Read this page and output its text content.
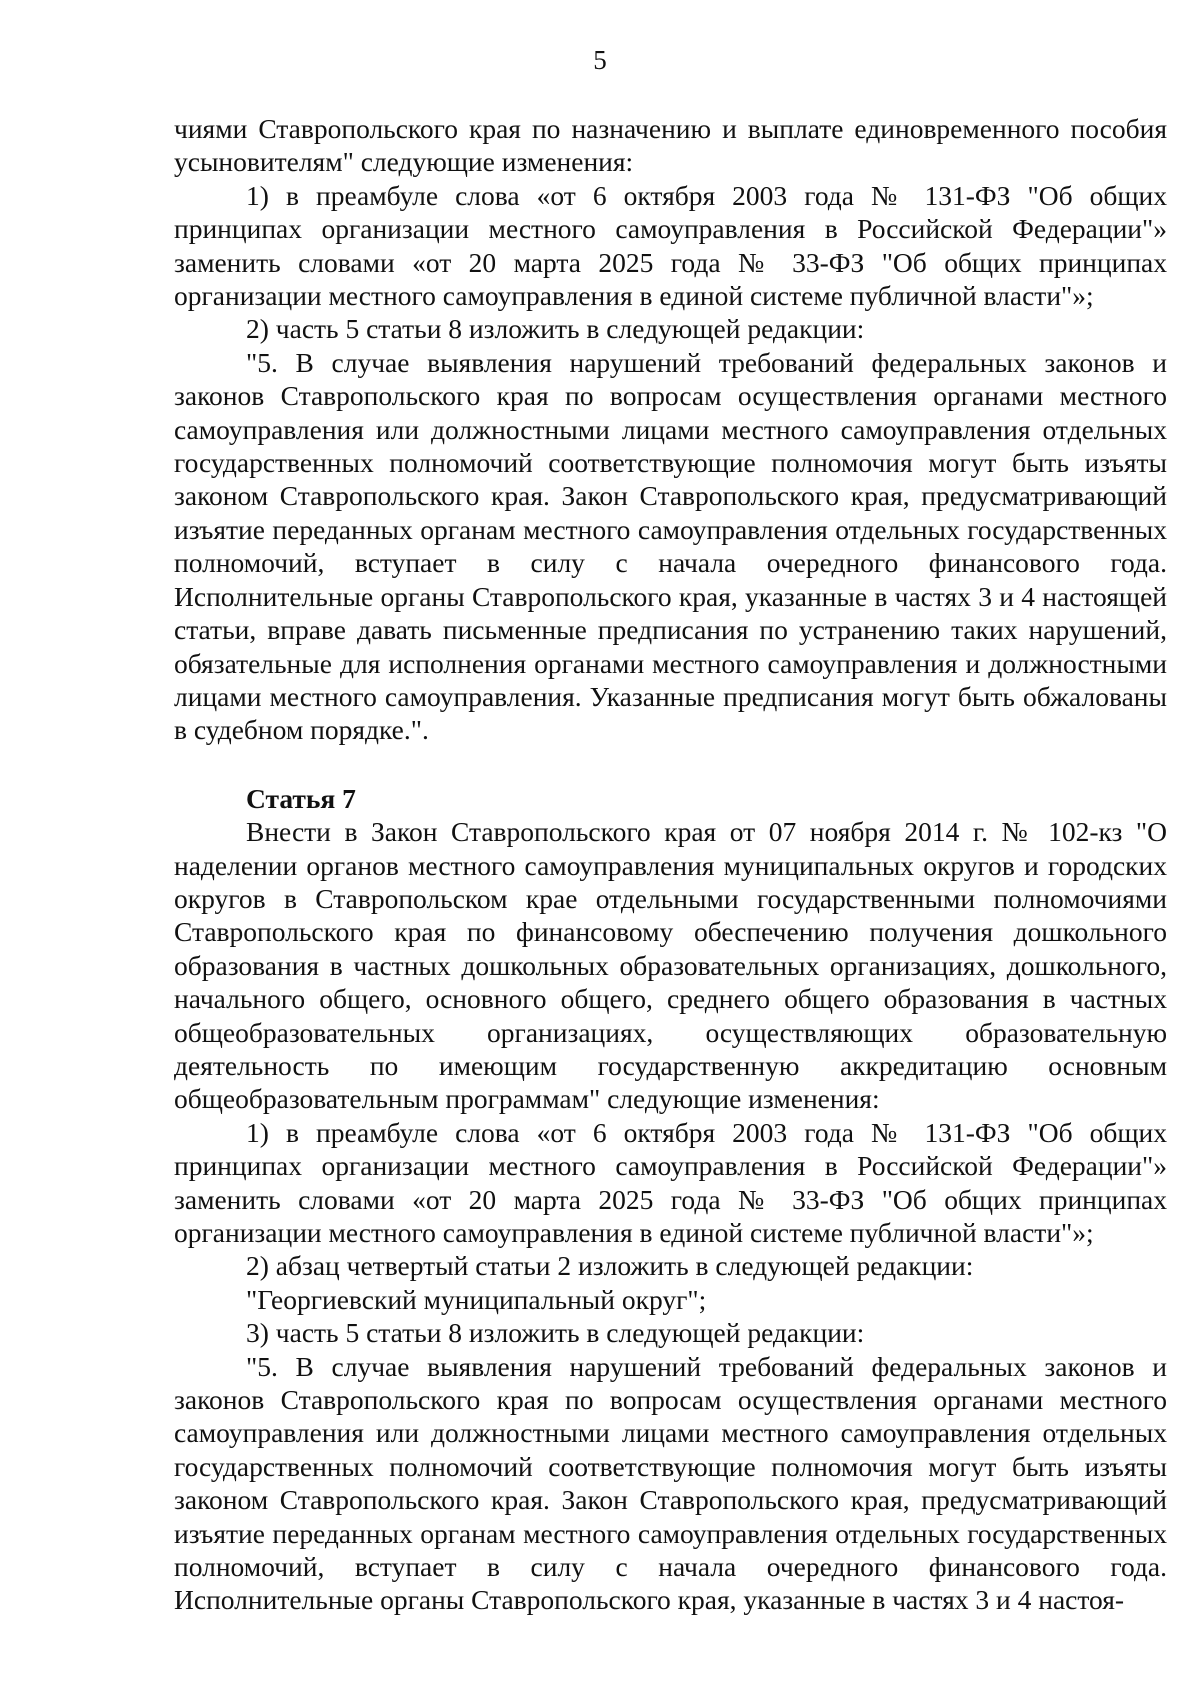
5

чиями Ставропольского края по назначению и выплате единовременного пособия усыновителям" следующие изменения:

1) в преамбуле слова «от 6 октября 2003 года № 131-ФЗ "Об общих принципах организации местного самоуправления в Российской Федерации"» заменить словами «от 20 марта 2025 года № 33-ФЗ "Об общих принципах организации местного самоуправления в единой системе публичной власти"»;

2) часть 5 статьи 8 изложить в следующей редакции:

"5. В случае выявления нарушений требований федеральных законов и законов Ставропольского края по вопросам осуществления органами местного самоуправления или должностными лицами местного самоуправления отдельных государственных полномочий соответствующие полномочия могут быть изъяты законом Ставропольского края. Закон Ставропольского края, предусматривающий изъятие переданных органам местного самоуправления отдельных государственных полномочий, вступает в силу с начала очередного финансового года. Исполнительные органы Ставропольского края, указанные в частях 3 и 4 настоящей статьи, вправе давать письменные предписания по устранению таких нарушений, обязательные для исполнения органами местного самоуправления и должностными лицами местного самоуправления. Указанные предписания могут быть обжалованы в судебном порядке.".

Статья 7

Внести в Закон Ставропольского края от 07 ноября 2014 г. № 102-кз "О наделении органов местного самоуправления муниципальных округов и городских округов в Ставропольском крае отдельными государственными полномочиями Ставропольского края по финансовому обеспечению получения дошкольного образования в частных дошкольных образовательных организациях, дошкольного, начального общего, основного общего, среднего общего образования в частных общеобразовательных организациях, осуществляющих образовательную деятельность по имеющим государственную аккредитацию основным общеобразовательным программам" следующие изменения:

1) в преамбуле слова «от 6 октября 2003 года № 131-ФЗ "Об общих принципах организации местного самоуправления в Российской Федерации"» заменить словами «от 20 марта 2025 года № 33-ФЗ "Об общих принципах организации местного самоуправления в единой системе публичной власти"»;

2) абзац четвертый статьи 2 изложить в следующей редакции:

"Георгиевский муниципальный округ";

3) часть 5 статьи 8 изложить в следующей редакции:

"5. В случае выявления нарушений требований федеральных законов и законов Ставропольского края по вопросам осуществления органами местного самоуправления или должностными лицами местного самоуправления отдельных государственных полномочий соответствующие полномочия могут быть изъяты законом Ставропольского края. Закон Ставропольского края, предусматривающий изъятие переданных органам местного самоуправления отдельных государственных полномочий, вступает в силу с начала очередного финансового года. Исполнительные органы Ставропольского края, указанные в частях 3 и 4 настоя-
